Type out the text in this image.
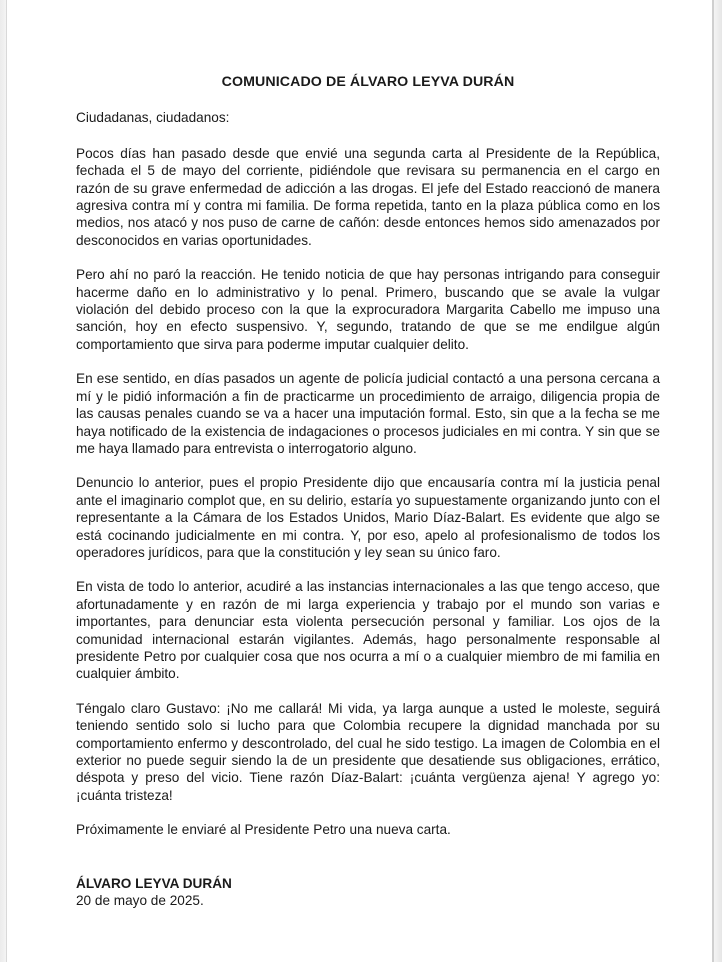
COMUNICADO DE ÁLVARO LEYVA DURÁN

Ciudadanas, ciudadanos:

Pocos días han pasado desde que envié una segunda carta al Presidente de la República, fechada el 5 de mayo del corriente, pidiéndole que revisara su permanencia en el cargo en razón de su grave enfermedad de adicción a las drogas. El jefe del Estado reaccionó de manera agresiva contra mí y contra mi familia. De forma repetida, tanto en la plaza pública como en los medios, nos atacó y nos puso de carne de cañón: desde entonces hemos sido amenazados por desconocidos en varias oportunidades.

Pero ahí no paró la reacción. He tenido noticia de que hay personas intrigando para conseguir hacerme daño en lo administrativo y lo penal. Primero, buscando que se avale la vulgar violación del debido proceso con la que la exprocuradora Margarita Cabello me impuso una sanción, hoy en efecto suspensivo. Y, segundo, tratando de que se me endilgue algún comportamiento que sirva para poderme imputar cualquier delito.

En ese sentido, en días pasados un agente de policía judicial contactó a una persona cercana a mí y le pidió información a fin de practicarme un procedimiento de arraigo, diligencia propia de las causas penales cuando se va a hacer una imputación formal. Esto, sin que a la fecha se me haya notificado de la existencia de indagaciones o procesos judiciales en mi contra. Y sin que se me haya llamado para entrevista o interrogatorio alguno.

Denuncio lo anterior, pues el propio Presidente dijo que encausaría contra mí la justicia penal ante el imaginario complot que, en su delirio, estaría yo supuestamente organizando junto con el representante a la Cámara de los Estados Unidos, Mario Díaz-Balart. Es evidente que algo se está cocinando judicialmente en mi contra. Y, por eso, apelo al profesionalismo de todos los operadores jurídicos, para que la constitución y ley sean su único faro.

En vista de todo lo anterior, acudiré a las instancias internacionales a las que tengo acceso, que afortunadamente y en razón de mi larga experiencia y trabajo por el mundo son varias e importantes, para denunciar esta violenta persecución personal y familiar. Los ojos de la comunidad internacional estarán vigilantes. Además, hago personalmente responsable al presidente Petro por cualquier cosa que nos ocurra a mí o a cualquier miembro de mi familia en cualquier ámbito.

Téngalo claro Gustavo: ¡No me callará! Mi vida, ya larga aunque a usted le moleste, seguirá teniendo sentido solo si lucho para que Colombia recupere la dignidad manchada por su comportamiento enfermo y descontrolado, del cual he sido testigo. La imagen de Colombia en el exterior no puede seguir siendo la de un presidente que desatiende sus obligaciones, errático, déspota y preso del vicio. Tiene razón Díaz-Balart: ¡cuánta vergüenza ajena! Y agrego yo: ¡cuánta tristeza!

Próximamente le enviaré al Presidente Petro una nueva carta.

ÁLVARO LEYVA DURÁN

20 de mayo de 2025.
